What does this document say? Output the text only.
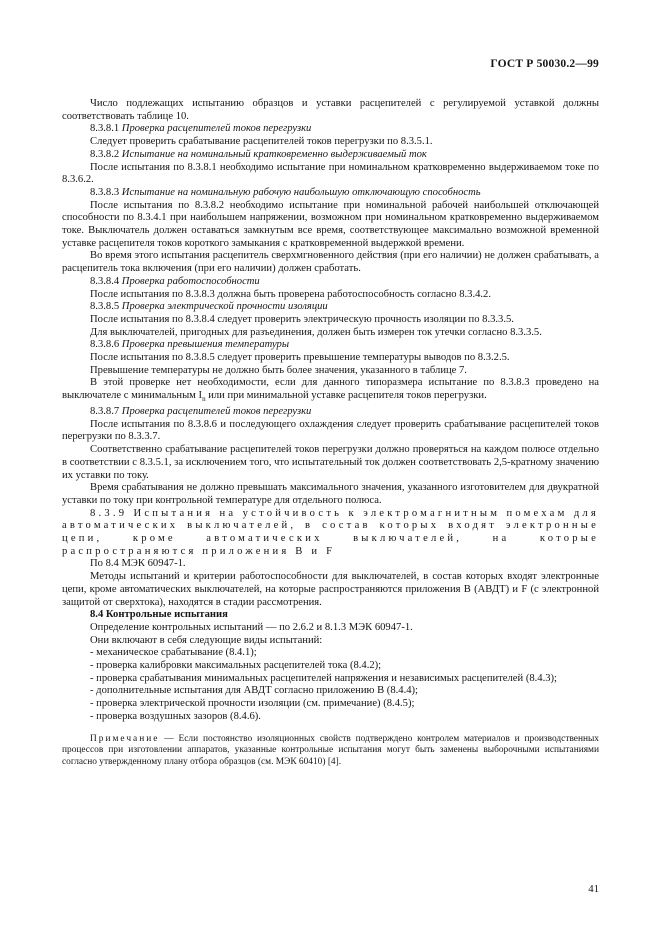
ГОСТ Р 50030.2—99

Число подлежащих испытанию образцов и уставки расцепителей с регулируемой уставкой должны соответствовать таблице 10.

8.3.8.1 Проверка расцепителей токов перегрузки

Следует проверить срабатывание расцепителей токов перегрузки по 8.3.5.1.

8.3.8.2 Испытание на номинальный кратковременно выдерживаемый ток

После испытания по 8.3.8.1 необходимо испытание при номинальном кратковременно выдерживаемом токе по 8.3.6.2.

8.3.8.3 Испытание на номинальную рабочую наибольшую отключающую способность

После испытания по 8.3.8.2 необходимо испытание при номинальной рабочей наибольшей отключающей способности по 8.3.4.1 при наибольшем напряжении, возможном при номинальном кратковременно выдерживаемом токе. Выключатель должен оставаться замкнутым все время, соответствующее максимально возможной временной уставке расцепителя токов короткого замыкания с кратковременной выдержкой времени.

Во время этого испытания расцепитель сверхмгновенного действия (при его наличии) не должен срабатывать, а расцепитель тока включения (при его наличии) должен сработать.

8.3.8.4 Проверка работоспособности

После испытания по 8.3.8.3 должна быть проверена работоспособность согласно 8.3.4.2.

8.3.8.5 Проверка электрической прочности изоляции

После испытания по 8.3.8.4 следует проверить электрическую прочность изоляции по 8.3.3.5.

Для выключателей, пригодных для разъединения, должен быть измерен ток утечки согласно 8.3.3.5.

8.3.8.6 Проверка превышения температуры

После испытания по 8.3.8.5 следует проверить превышение температуры выводов по 8.3.2.5.

Превышение температуры не должно быть более значения, указанного в таблице 7.

В этой проверке нет необходимости, если для данного типоразмера испытание по 8.3.8.3 проведено на выключателе с минимальным $I_n$ или при минимальной уставке расцепителя токов перегрузки.

8.3.8.7 Проверка расцепителей токов перегрузки

После испытания по 8.3.8.6 и последующего охлаждения следует проверить срабатывание расцепителей токов перегрузки по 8.3.3.7.

Соответственно срабатывание расцепителей токов перегрузки должно проверяться на каждом полюсе отдельно в соответствии с 8.3.5.1, за исключением того, что испытательный ток должен соответствовать 2,5-кратному значению их уставки по току.

Время срабатывания не должно превышать максимального значения, указанного изготовителем для двукратной уставки по току при контрольной температуре для отдельного полюса.

8.3.9 Испытания на устойчивость к электромагнитным помехам для автоматических выключателей, в состав которых входят электронные цепи, кроме автоматических выключателей, на которые распространяются приложения В и F

По 8.4 МЭК 60947-1.

Методы испытаний и критерии работоспособности для выключателей, в состав которых входят электронные цепи, кроме автоматических выключателей, на которые распространяются приложения В (АВДТ) и F (с электронной защитой от сверхтока), находятся в стадии рассмотрения.

8.4 Контрольные испытания

Определение контрольных испытаний — по 2.6.2 и 8.1.3 МЭК 60947-1.

Они включают в себя следующие виды испытаний:

- механическое срабатывание (8.4.1);

- проверка калибровки максимальных расцепителей тока (8.4.2);

- проверка срабатывания минимальных расцепителей напряжения и независимых расцепителей (8.4.3);

- дополнительные испытания для АВДТ согласно приложению В (8.4.4);

- проверка электрической прочности изоляции (см. примечание) (8.4.5);

- проверка воздушных зазоров (8.4.6).

Примечание — Если постоянство изоляционных свойств подтверждено контролем материалов и производственных процессов при изготовлении аппаратов, указанные контрольные испытания могут быть заменены выборочными испытаниями согласно утвержденному плану отбора образцов (см. МЭК 60410) [4].

41
